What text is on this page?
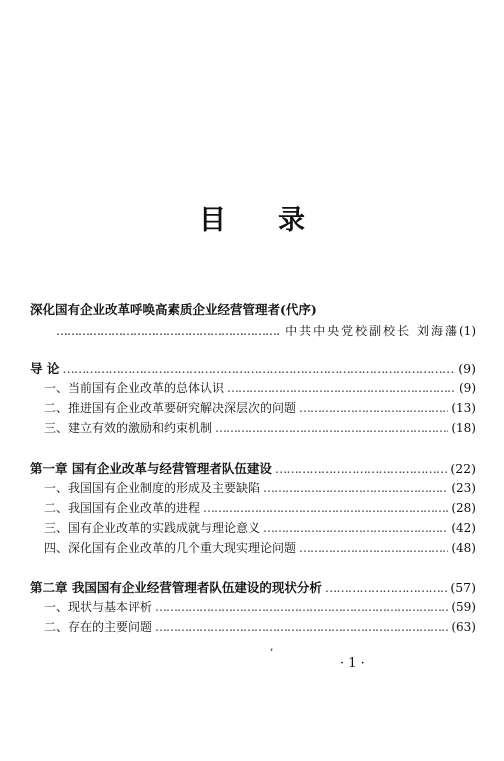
目 录
深化国有企业改革呼唤高素质企业经营管理者(代序)
……………………………………………………………………………………………………………………
中共中央党校副校长 刘海藩 (1)
导 论 ……………………………………………………………………………………………………………………………………………………	(9)
一、当前国有企业改革的总体认识 ……………………………………………………………………………………………………………………………………………………	(9)
二、推进国有企业改革要研究解决深层次的问题 ……………………………………………………………………………………………………………………………………………………	(13)
三、建立有效的激励和约束机制 ……………………………………………………………………………………………………………………………………………………	(18)
第一章 国有企业改革与经营管理者队伍建设 ……………………………………………………………………………………………………………………………………………………	(22)
一、我国国有企业制度的形成及主要缺陷 ……………………………………………………………………………………………………………………………………………………	(23)
二、我国国有企业改革的进程 ……………………………………………………………………………………………………………………………………………………	(28)
三、国有企业改革的实践成就与理论意义 ……………………………………………………………………………………………………………………………………………………	(42)
四、深化国有企业改革的几个重大现实理论问题 ……………………………………………………………………………………………………………………………………………………	(48)
第二章 我国国有企业经营管理者队伍建设的现状分析 ……………………………………………………………………………………………………………………………………………………	(57)
一、现状与基本评析 ……………………………………………………………………………………………………………………………………………………	(59)
二、存在的主要问题 ……………………………………………………………………………………………………………………………………………………	(63)
,
· 1 ·
